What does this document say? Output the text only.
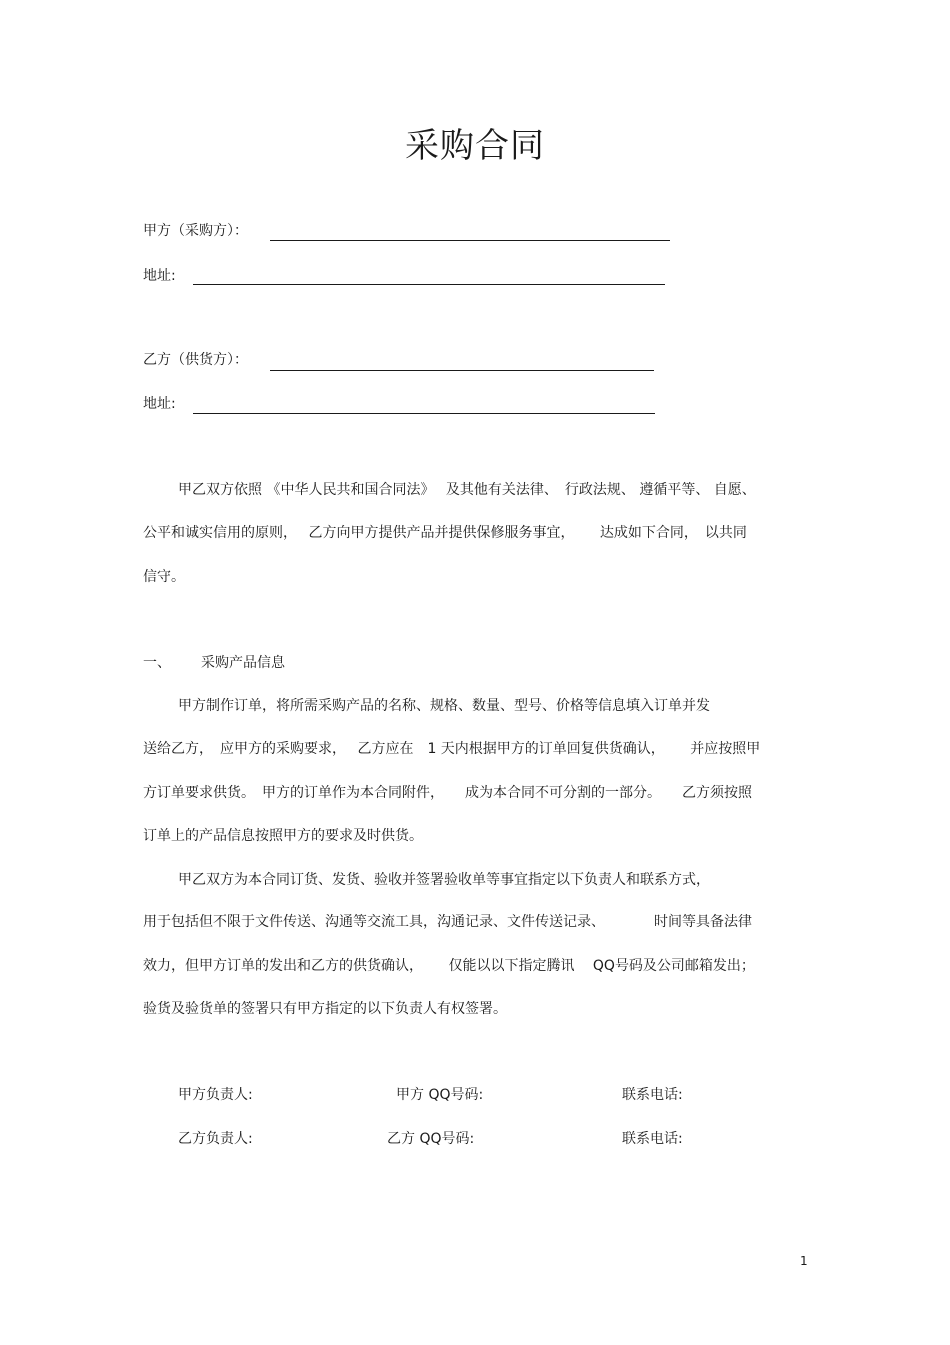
采购合同
甲方（采购方）：
地址:
乙方（供货方）：
地址:
甲乙双方依照 《中华人民共和国合同法》　 及其他有关法律、　行政法规、 遵循平等、 自愿、
公平和诚实信用的原则，　 乙方向甲方提供产品并提供保修服务事宜，　　 达成如下合同，　以共同
信守。
一、 采购产品信息
甲方制作订单，将所需采购产品的名称、规格、数量、型号、价格等信息填入订单并发
送给乙方，　应甲方的采购要求，　 乙方应在　1 天内根据甲方的订单回复供货确认，　　 并应按照甲
方订单要求供货。　甲方的订单作为本合同附件，　　成为本合同不可分割的一部分。　　乙方须按照
订单上的产品信息按照甲方的要求及时供货。
甲乙双方为本合同订货、发货、验收并签署验收单等事宜指定以下负责人和联系方式，
用于包括但不限于文件传送、沟通等交流工具，沟通记录、文件传送记录、　　　　时间等具备法律
效力，但甲方订单的发出和乙方的供货确认，　　 仅能以以下指定腾讯　 QQ号码及公司邮箱发出；
验货及验货单的签署只有甲方指定的以下负责人有权签署。
甲方负责人:	甲方 QQ号码:	联系电话:
乙方负责人:	乙方 QQ号码:	联系电话:
1
